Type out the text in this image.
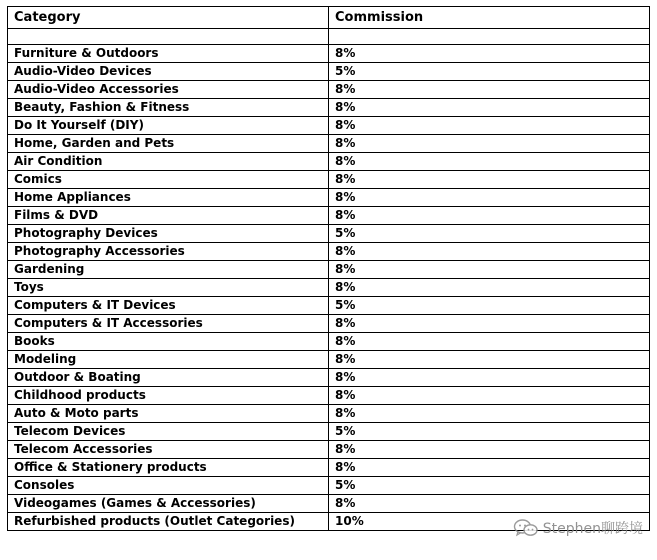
Category	Commission

Furniture & Outdoors	8%
Audio-Video Devices	5%
Audio-Video Accessories	8%
Beauty, Fashion & Fitness	8%
Do It Yourself (DIY)	8%
Home, Garden and Pets	8%
Air Condition	8%
Comics	8%
Home Appliances	8%
Films & DVD	8%
Photography Devices	5%
Photography Accessories	8%
Gardening	8%
Toys	8%
Computers & IT Devices	5%
Computers & IT Accessories	8%
Books	8%
Modeling	8%
Outdoor & Boating	8%
Childhood products	8%
Auto & Moto parts	8%
Telecom Devices	5%
Telecom Accessories	8%
Office & Stationery products	8%
Consoles	5%
Videogames (Games & Accessories)	8%
Refurbished products (Outlet Categories)	10%	Stephen聊跨境
